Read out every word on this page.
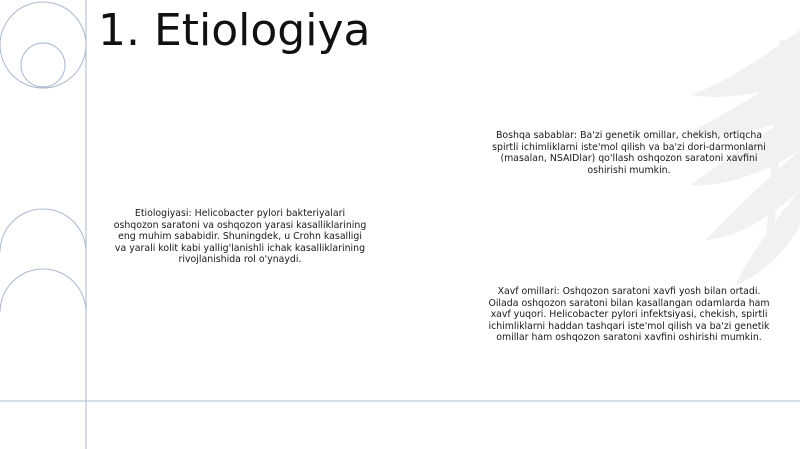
1. Etiologiya

Etiologiyasi: Helicobacter pylori bakteriyalari oshqozon saratoni va oshqozon yarasi kasalliklarining eng muhim sababidir. Shuningdek, u Crohn kasalligi va yarali kolit kabi yallig'lanishli ichak kasalliklarining rivojlanishida rol o'ynaydi.

Boshqa sabablar: Ba'zi genetik omillar, chekish, ortiqcha spirtli ichimliklarni iste'mol qilish va ba'zi dori-darmonlarni (masalan, NSAIDlar) qo'llash oshqozon saratoni xavfini oshirishi mumkin.

Xavf omillari: Oshqozon saratoni xavfi yosh bilan ortadi. Oilada oshqozon saratoni bilan kasallangan odamlarda ham xavf yuqori. Helicobacter pylori infektsiyasi, chekish, spirtli ichimliklarni haddan tashqari iste'mol qilish va ba'zi genetik omillar ham oshqozon saratoni xavfini oshirishi mumkin.
